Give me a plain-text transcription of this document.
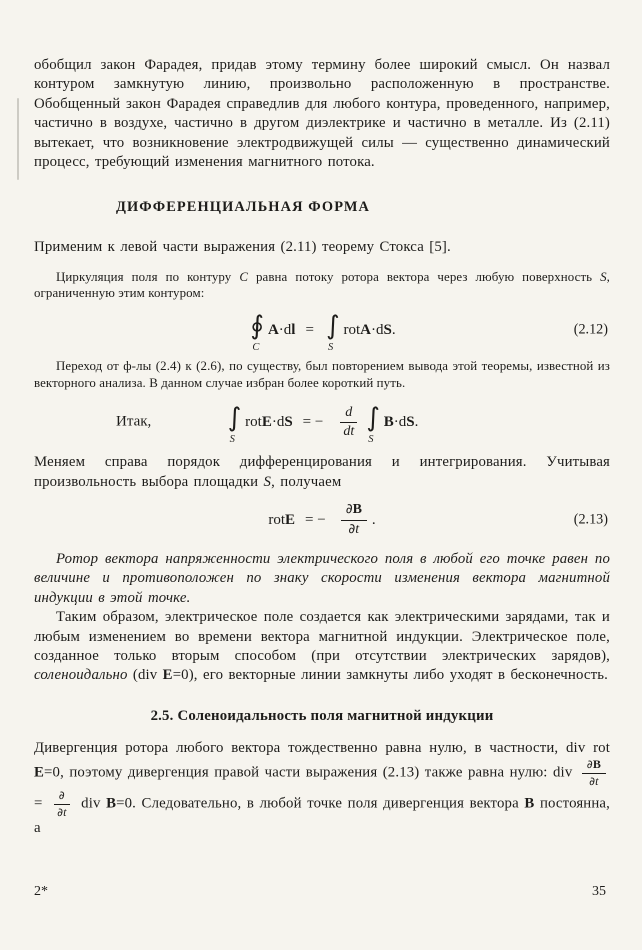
обобщил закон Фарадея, придав этому термину более широкий смысл. Он назвал контуром замкнутую линию, произвольно расположенную в пространстве. Обобщенный закон Фарадея справедлив для любого контура, проведенного, например, частично в воздухе, частично в другом диэлектрике и частично в металле. Из (2.11) вытекает, что возникновение электродвижущей силы — существенно динамический процесс, требующий изменения магнитного потока.

ДИФФЕРЕНЦИАЛЬНАЯ ФОРМА

Применим к левой части выражения (2.11) теорему Стокса [5].

Циркуляция поля по контуру C равна потоку ротора вектора через любую поверхность S, ограниченную этим контуром:

∮
C
A ·d l = ∫
S
rot A ·d S .	(2.12)

Переход от ф-лы (2.4) к (2.6), по существу, был повторением вывода этой теоремы, известной из векторного анализа. В данном случае избран более короткий путь.

Итак,	∫
S
rot E ·d S = − $\frac{d}{dt}$ ∫
S
B ·d S .

Меняем справа порядок дифференцирования и интегрирования. Учитывая произвольность выбора площадки S, получаем

rot E = − $\frac{\partial B}{\partial t}$ .	(2.13)

Ротор вектора напряженности электрического поля в любой его точке равен по величине и противоположен по знаку скорости изменения вектора магнитной индукции в этой точке.

Таким образом, электрическое поле создается как электрическими зарядами, так и любым изменением во времени вектора магнитной индукции. Электрическое поле, созданное только вторым способом (при отсутствии электрических зарядов), соленоидально (div E=0), его векторные линии замкнуты либо уходят в бесконечность.

2.5. Соленоидальность поля магнитной индукции

Дивергенция ротора любого вектора тождественно равна нулю, в частности, div rot E=0, поэтому дивергенция правой части выражения (2.13) также равна нулю: div $\frac{\partial B}{\partial t}$
= $\frac{\partial}{\partial t}$ div B=0. Следовательно, в любой точке поля дивергенция вектора B постоянна, а

2*	35
